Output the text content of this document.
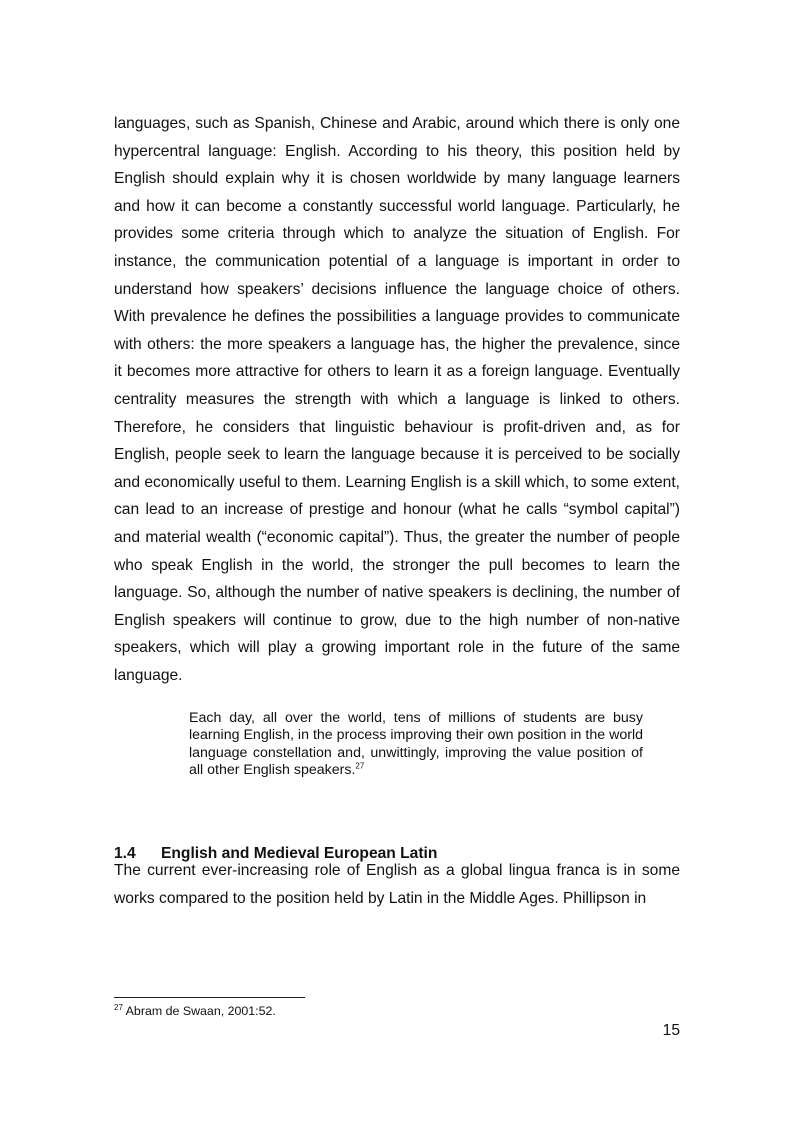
languages, such as Spanish, Chinese and Arabic, around which there is only one hypercentral language: English. According to his theory, this position held by English should explain why it is chosen worldwide by many language learners and how it can become a constantly successful world language. Particularly, he provides some criteria through which to analyze the situation of English. For instance, the communication potential of a language is important in order to understand how speakers’ decisions influence the language choice of others. With prevalence he defines the possibilities a language provides to communicate with others: the more speakers a language has, the higher the prevalence, since it becomes more attractive for others to learn it as a foreign language. Eventually centrality measures the strength with which a language is linked to others. Therefore, he considers that linguistic behaviour is profit-driven and, as for English, people seek to learn the language because it is perceived to be socially and economically useful to them. Learning English is a skill which, to some extent, can lead to an increase of prestige and honour (what he calls “symbol capital”) and material wealth (“economic capital”). Thus, the greater the number of people who speak English in the world, the stronger the pull becomes to learn the language. So, although the number of native speakers is declining, the number of English speakers will continue to grow, due to the high number of non-native speakers, which will play a growing important role in the future of the same language.

Each day, all over the world, tens of millions of students are busy learning English, in the process improving their own position in the world language constellation and, unwittingly, improving the value position of all other English speakers.$^{27}$

1.4 English and Medieval European Latin

The current ever-increasing role of English as a global lingua franca is in some works compared to the position held by Latin in the Middle Ages. Phillipson in

$^{27}$ Abram de Swaan, 2001:52.

15
